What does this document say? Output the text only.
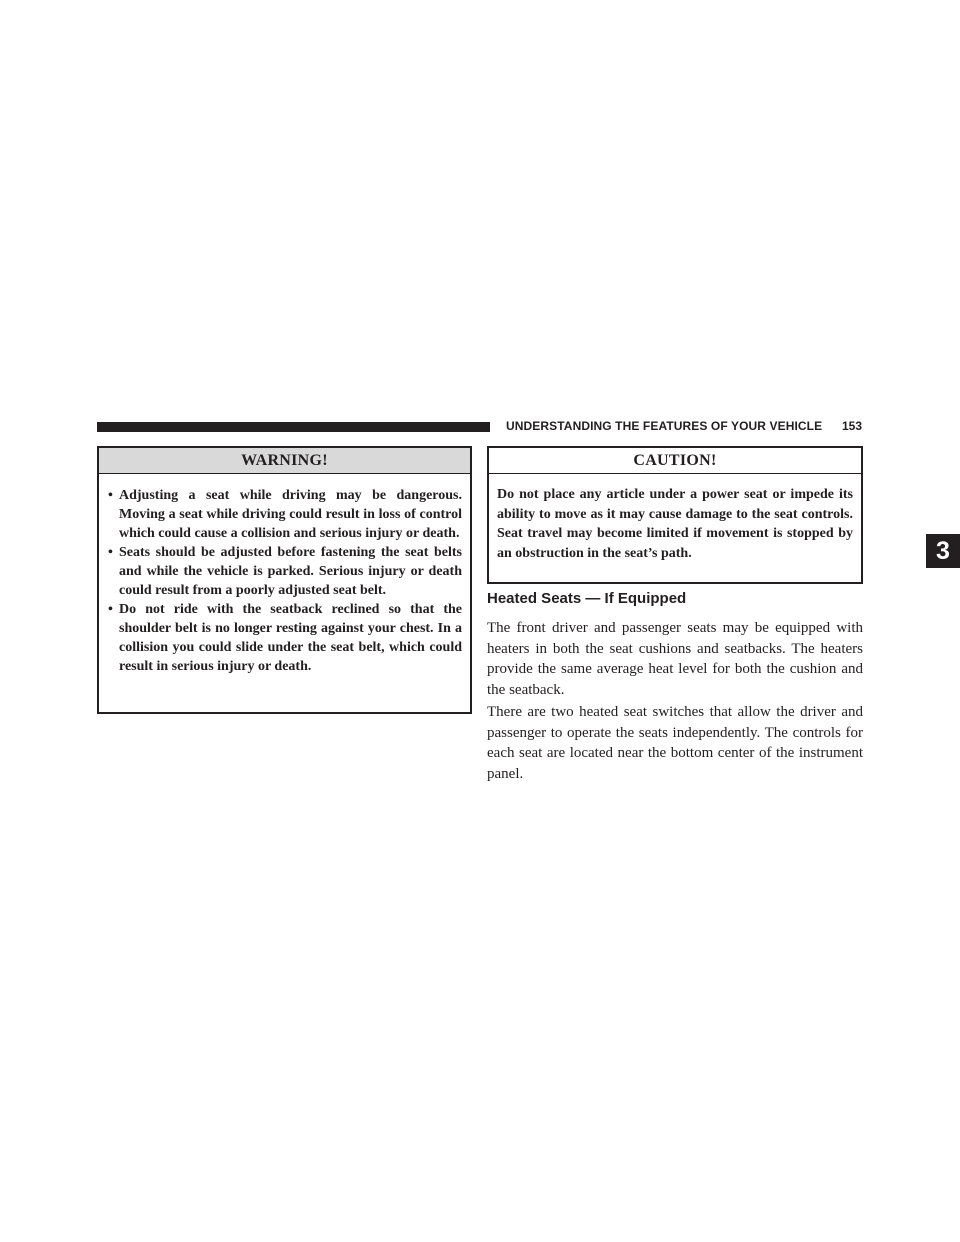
UNDERSTANDING THE FEATURES OF YOUR VEHICLE 153
3
WARNING!
• Adjusting a seat while driving may be dangerous. Moving a seat while driving could result in loss of control which could cause a collision and serious injury or death.
• Seats should be adjusted before fastening the seat belts and while the vehicle is parked. Serious injury or death could result from a poorly adjusted seat belt.
• Do not ride with the seatback reclined so that the shoulder belt is no longer resting against your chest. In a collision you could slide under the seat belt, which could result in serious injury or death.
CAUTION!
Do not place any article under a power seat or impede its ability to move as it may cause damage to the seat controls. Seat travel may become limited if movement is stopped by an obstruction in the seat’s path.
Heated Seats — If Equipped
The front driver and passenger seats may be equipped with heaters in both the seat cushions and seatbacks. The heaters provide the same average heat level for both the cushion and the seatback.
There are two heated seat switches that allow the driver and passenger to operate the seats independently. The controls for each seat are located near the bottom center of the instrument panel.
